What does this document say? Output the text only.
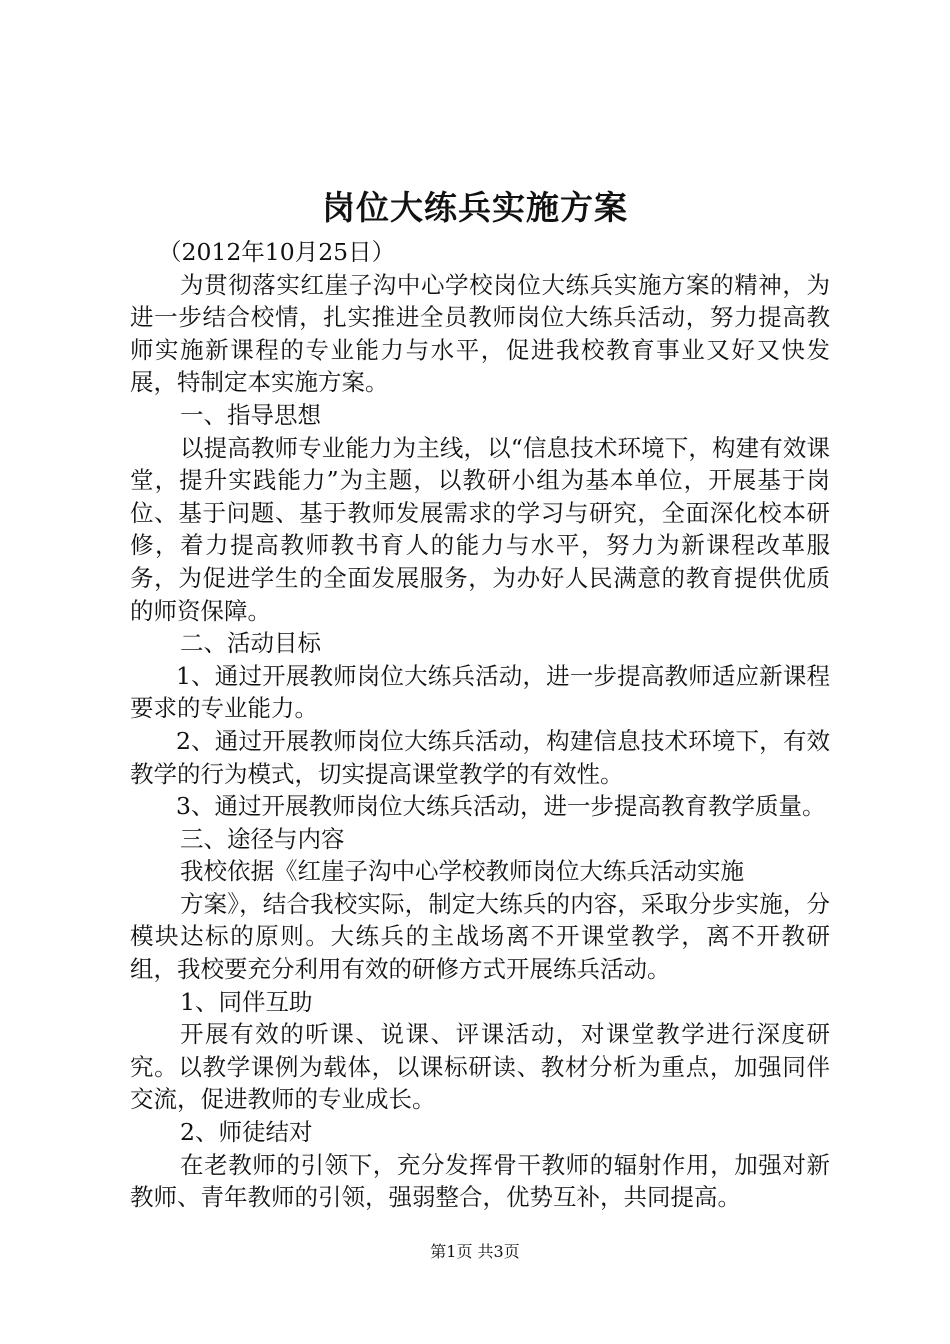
岗位大练兵实施方案

（2012年10月25日）

为贯彻落实红崖子沟中心学校岗位大练兵实施方案的精神，为进一步结合校情，扎实推进全员教师岗位大练兵活动，努力提高教师实施新课程的专业能力与水平，促进我校教育事业又好又快发展，特制定本实施方案。

一、指导思想

以提高教师专业能力为主线，以“信息技术环境下，构建有效课堂，提升实践能力”为主题，以教研小组为基本单位，开展基于岗位、基于问题、基于教师发展需求的学习与研究，全面深化校本研修，着力提高教师教书育人的能力与水平，努力为新课程改革服务，为促进学生的全面发展服务，为办好人民满意的教育提供优质的师资保障。

二、活动目标

1、通过开展教师岗位大练兵活动，进一步提高教师适应新课程要求的专业能力。

2、通过开展教师岗位大练兵活动，构建信息技术环境下，有效教学的行为模式，切实提高课堂教学的有效性。

3、通过开展教师岗位大练兵活动，进一步提高教育教学质量。

三、途径与内容

我校依据《红崖子沟中心学校教师岗位大练兵活动实施

方案》，结合我校实际，制定大练兵的内容，采取分步实施，分模块达标的原则。大练兵的主战场离不开课堂教学，离不开教研组，我校要充分利用有效的研修方式开展练兵活动。

1、同伴互助

开展有效的听课、说课、评课活动，对课堂教学进行深度研究。以教学课例为载体，以课标研读、教材分析为重点，加强同伴交流，促进教师的专业成长。

2、师徒结对

在老教师的引领下，充分发挥骨干教师的辐射作用，加强对新教师、青年教师的引领，强弱整合，优势互补，共同提高。

第1页 共3页
